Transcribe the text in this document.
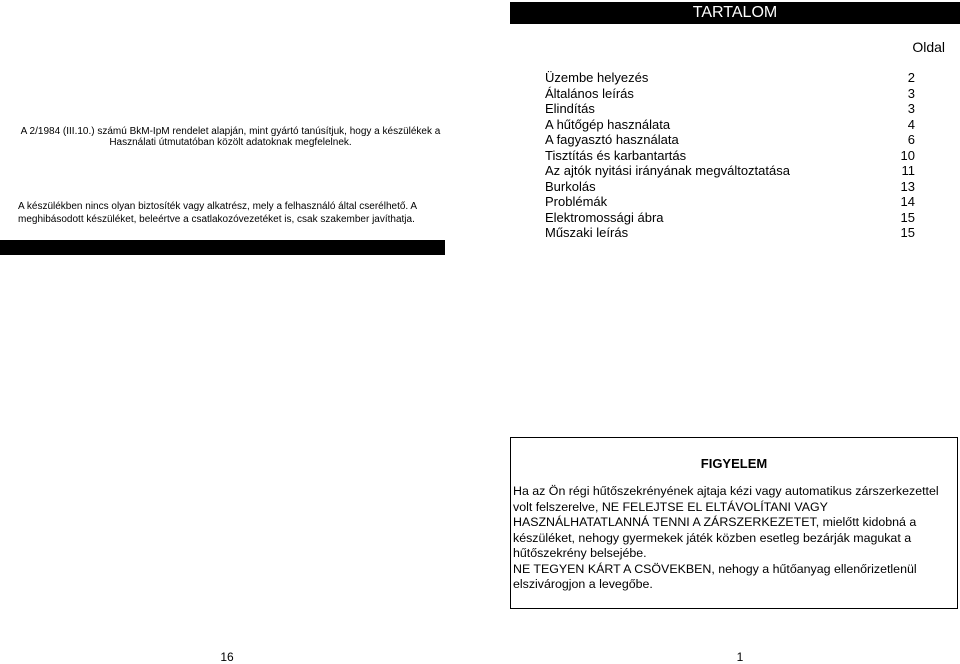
A 2/1984 (III.10.) számú BkM-IpM rendelet alapján, mint gyártó tanúsítjuk, hogy a készülékek a Használati útmutatóban közölt adatoknak megfelelnek.
A készülékben nincs olyan biztosíték vagy alkatrész, mely a felhasználó által cserélhető. A meghibásodott készüléket, beleértve a csatlakozóvezetéket is, csak szakember javíthatja.
16
TARTALOM
Oldal
Üzembe helyezés	2
Általános leírás	3
Elindítás	3
A hűtőgép használata	4
A fagyasztó használata	6
Tisztítás és karbantartás	10
Az ajtók nyitási irányának megváltoztatása	11
Burkolás	13
Problémák	14
Elektromossági ábra	15
Műszaki leírás	15
FIGYELEM

Ha az Ön régi hűtőszekrényének ajtaja kézi vagy automatikus zárszerkezettel volt felszerelve, NE FELEJTSE EL ELTÁVOLÍTANI VAGY HASZNÁLHATATLANNÁ TENNI A ZÁRSZERKEZETET, mielőtt kidobná a készüléket, nehogy gyermekek játék közben esetleg bezárják magukat a hűtőszekrény belsejébe.

NE TEGYEN KÁRT A CSÖVEKBEN, nehogy a hűtőanyag ellenőrizetlenül elszivárogjon a levegőbe.

1
